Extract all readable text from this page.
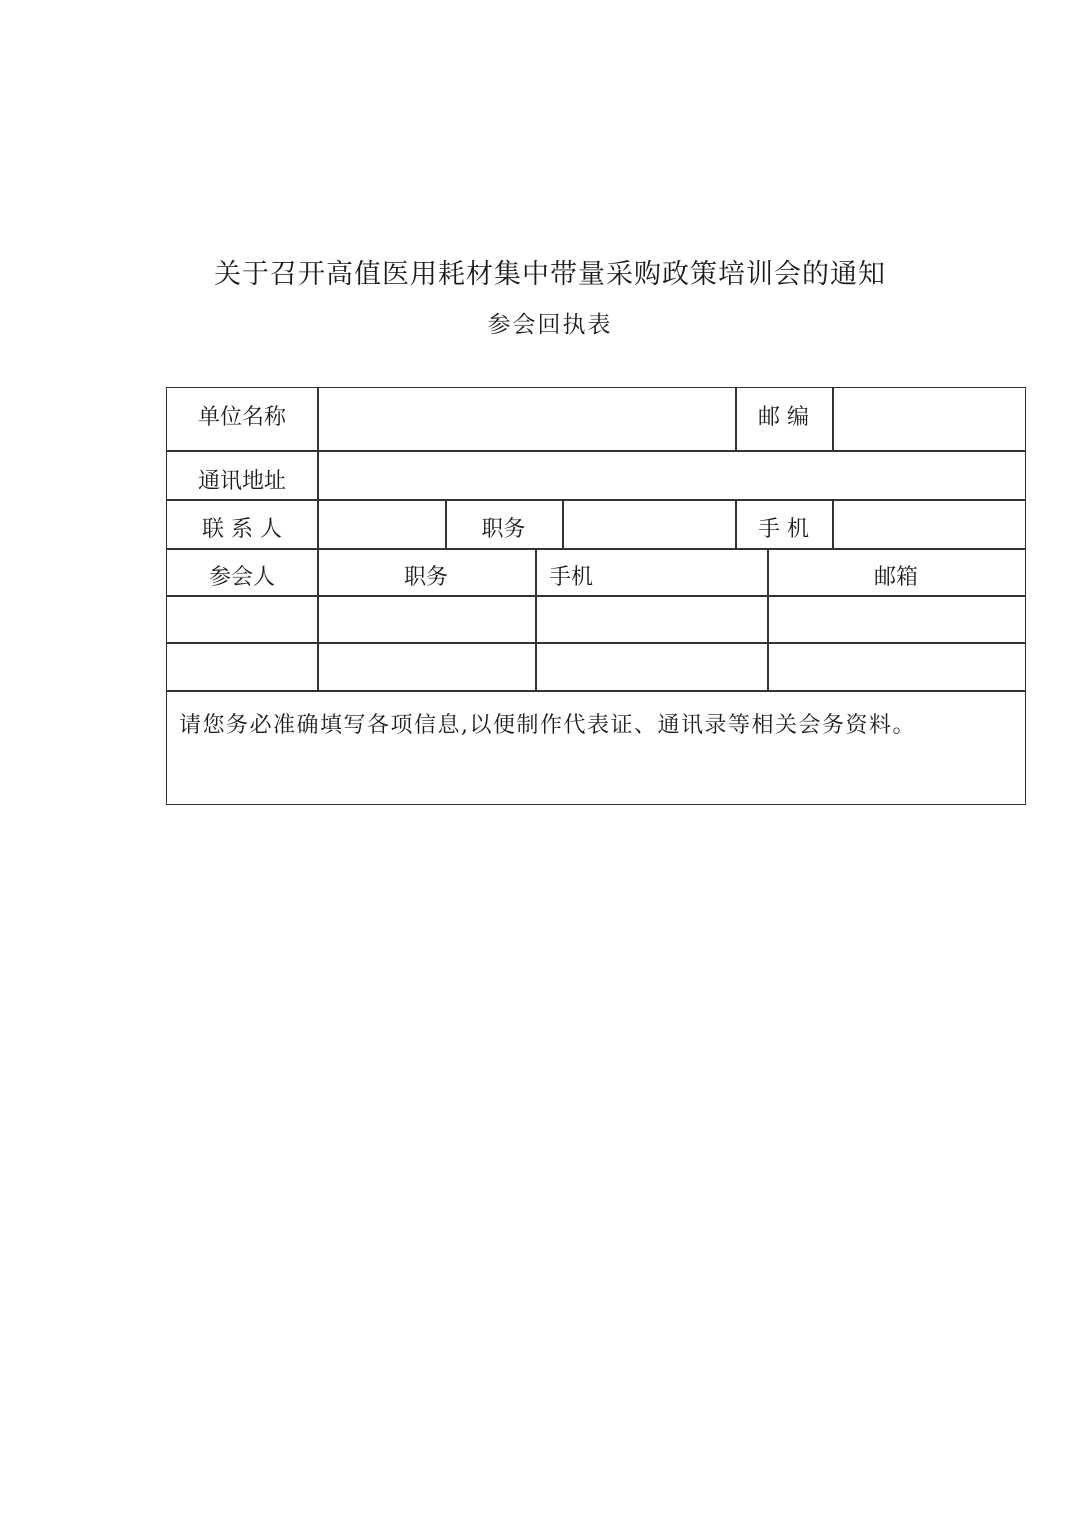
关于召开高值医用耗材集中带量采购政策培训会的通知
参会回执表
单位名称	邮 编
通讯地址
联 系 人	职务	手 机
参会人	职务	手机	邮箱
请您务必准确填写各项信息,以便制作代表证、通讯录等相关会务资料。
